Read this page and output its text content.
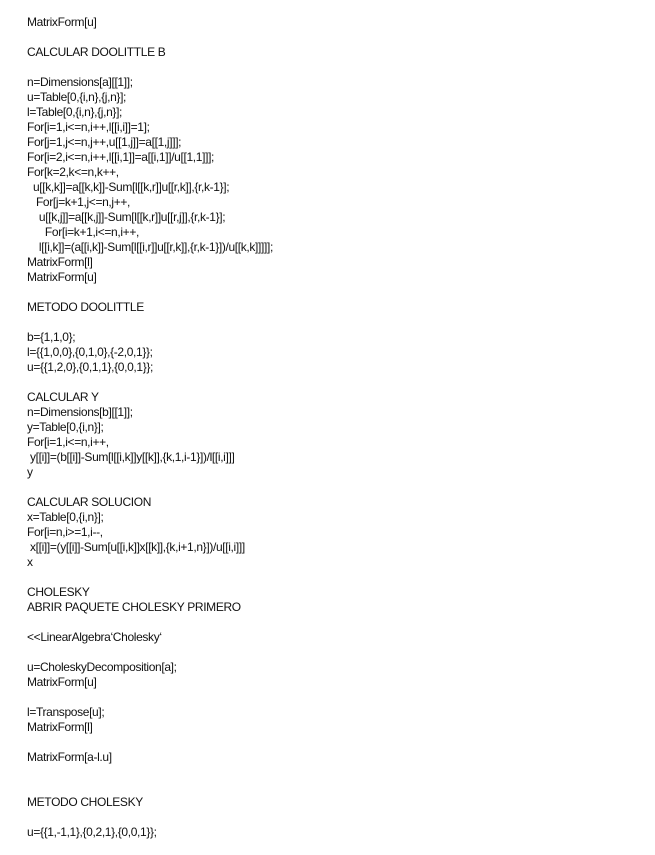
MatrixForm[u]
CALCULAR DOOLITTLE B
n=Dimensions[a][[1]];
u=Table[0,{i,n},{j,n}];
l=Table[0,{i,n},{j,n}];
For[i=1,i<=n,i++,l[[i,i]]=1];
For[j=1,j<=n,j++,u[[1,j]]=a[[1,j]]];
For[i=2,i<=n,i++,l[[i,1]]=a[[i,1]]/u[[1,1]]];
For[k=2,k<=n,k++,
u[[k,k]]=a[[k,k]]-Sum[l[[k,r]]u[[r,k]],{r,k-1}];
For[j=k+1,j<=n,j++,
u[[k,j]]=a[[k,j]]-Sum[l[[k,r]]u[[r,j]],{r,k-1}];
For[i=k+1,i<=n,i++,
l[[i,k]]=(a[[i,k]]-Sum[l[[i,r]]u[[r,k]],{r,k-1}])/u[[k,k]]]]];
MatrixForm[l]
MatrixForm[u]
METODO DOOLITTLE
b={1,1,0};
l={{1,0,0},{0,1,0},{-2,0,1}};
u={{1,2,0},{0,1,1},{0,0,1}};
CALCULAR Y
n=Dimensions[b][[1]];
y=Table[0,{i,n}];
For[i=1,i<=n,i++,
y[[i]]=(b[[i]]-Sum[l[[i,k]]y[[k]],{k,1,i-1}])/l[[i,i]]]
y
CALCULAR SOLUCION
x=Table[0,{i,n}];
For[i=n,i>=1,i--,
x[[i]]=(y[[i]]-Sum[u[[i,k]]x[[k]],{k,i+1,n}])/u[[i,i]]]
x
CHOLESKY
ABRIR PAQUETE CHOLESKY PRIMERO
<<LinearAlgebra‘Cholesky‘
u=CholeskyDecomposition[a];
MatrixForm[u]
l=Transpose[u];
MatrixForm[l]
MatrixForm[a-l.u]
METODO CHOLESKY
u={{1,-1,1},{0,2,1},{0,0,1}};
